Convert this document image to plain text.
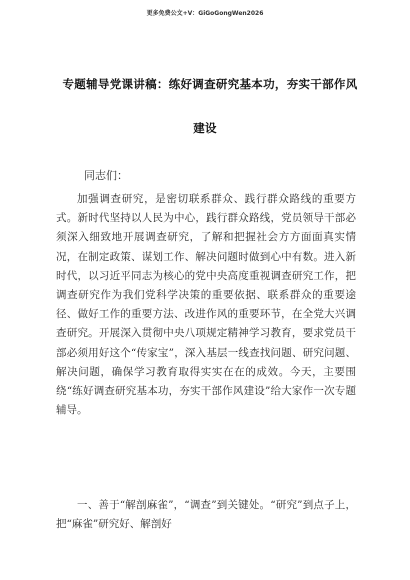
更多免费公文+V：GiGoGongWen2026
专题辅导党课讲稿：练好调查研究基本功，夯实干部作风
建设
同志们：

加强调查研究，是密切联系群众、践行群众路线的重要方式。新时代坚持以人民为中心，践行群众路线，党员领导干部必须深入细致地开展调查研究，了解和把握社会方方面面真实情况，在制定政策、谋划工作、解决问题时做到心中有数。进入新时代，以习近平同志为核心的党中央高度重视调查研究工作，把调查研究作为我们党科学决策的重要依据、联系群众的重要途径、做好工作的重要方法、改进作风的重要环节，在全党大兴调查研究。开展深入贯彻中央八项规定精神学习教育，要求党员干部必须用好这个“传家宝”，深入基层一线查找问题、研究问题、解决问题，确保学习教育取得实实在在的成效。今天，主要围绕“练好调查研究基本功，夯实干部作风建设”给大家作一次专题辅导。

一、善于“解剖麻雀”，“调查”到关键处。“研究”到点子上，把“麻雀”研究好、解剖好
